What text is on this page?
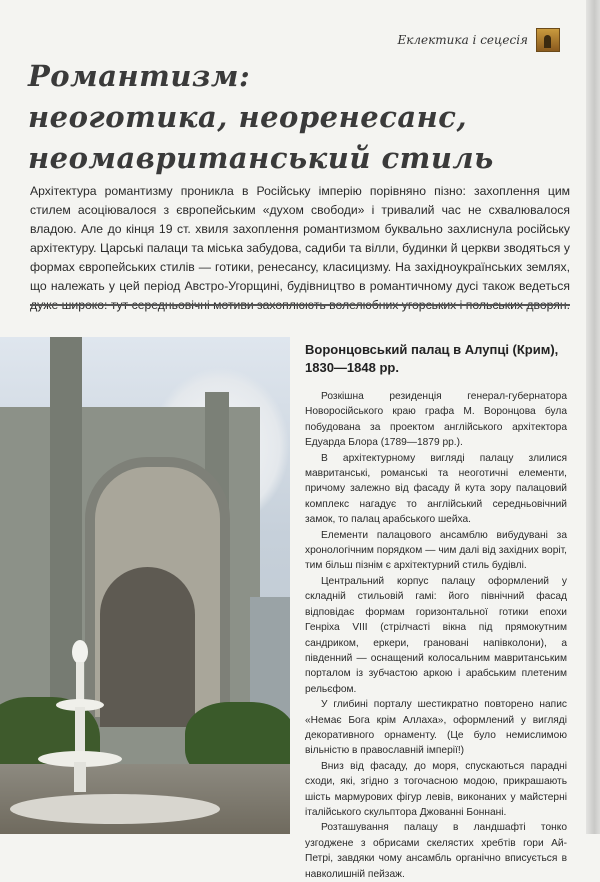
Еклектика і сецесія
Романтизм:
неоготика, неоренесанс,
неомавританський стиль
Архітектура романтизму проникла в Російську імперію порівняно пізно: захоплення цим стилем асоціювалося з європейським «духом свободи» і тривалий час не схвалювалося владою. Але до кінця 19 ст. хвиля захоплення романтизмом буквально захлиснула російську архітектуру. Царські палаци та міська забудова, садиби та вілли, будинки й церкви зводяться у формах європейських стилів — готики, ренесансу, класицизму. На західноукраїнських землях, що належать у цей період Австро-Угорщині, будівництво в романтичному дусі також ведеться
Воронцовський палац в Алупці (Крим),
1830—1848 рр.

Розкішна резиденція генерал-губернатора Новоросійського краю графа М. Воронцова була побудована за проектом англійського архітектора Едуарда Блора (1789—1879 рр.).

В архітектурному вигляді палацу злилися мавританські, романські та неоготичні елементи, причому залежно від фасаду й кута зору палацовий комплекс нагадує то англійський середньовічний замок, то палац арабського шейха.

Елементи палацового ансамблю вибудувані за хронологічним порядком — чим далі від західних воріт, тим більш пізнім є архітектурний стиль будівлі.

Центральний корпус палацу оформлений у складній стильовій гамі: його північний фасад відповідає формам горизонтальної готики епохи Генріха VIII (стрілчасті вікна під прямокутним сандриком, еркери, грановані напівколони), а південний — оснащений колосальним мавританським порталом із зубчастою аркою і арабським плетеним рельєфом.

У глибині порталу шестикратно повторено напис «Немає Бога крім Аллаха», оформлений у вигляді декоративного орнаменту. (Це було немислимою вільністю в православній імперії!)

Вниз від фасаду, до моря, спускаються парадні сходи, які, згідно з тогочасною модою, прикрашають шість мармурових фігур левів, виконаних у майстерні італійського скульптора Джованні Боннані.

Розташування палацу в ландшафті тонко узгоджене з обрисами скелястих хребтів гори Ай-Петрі, завдяки чому ансамбль органічно вписується в навколишній пейзаж.
